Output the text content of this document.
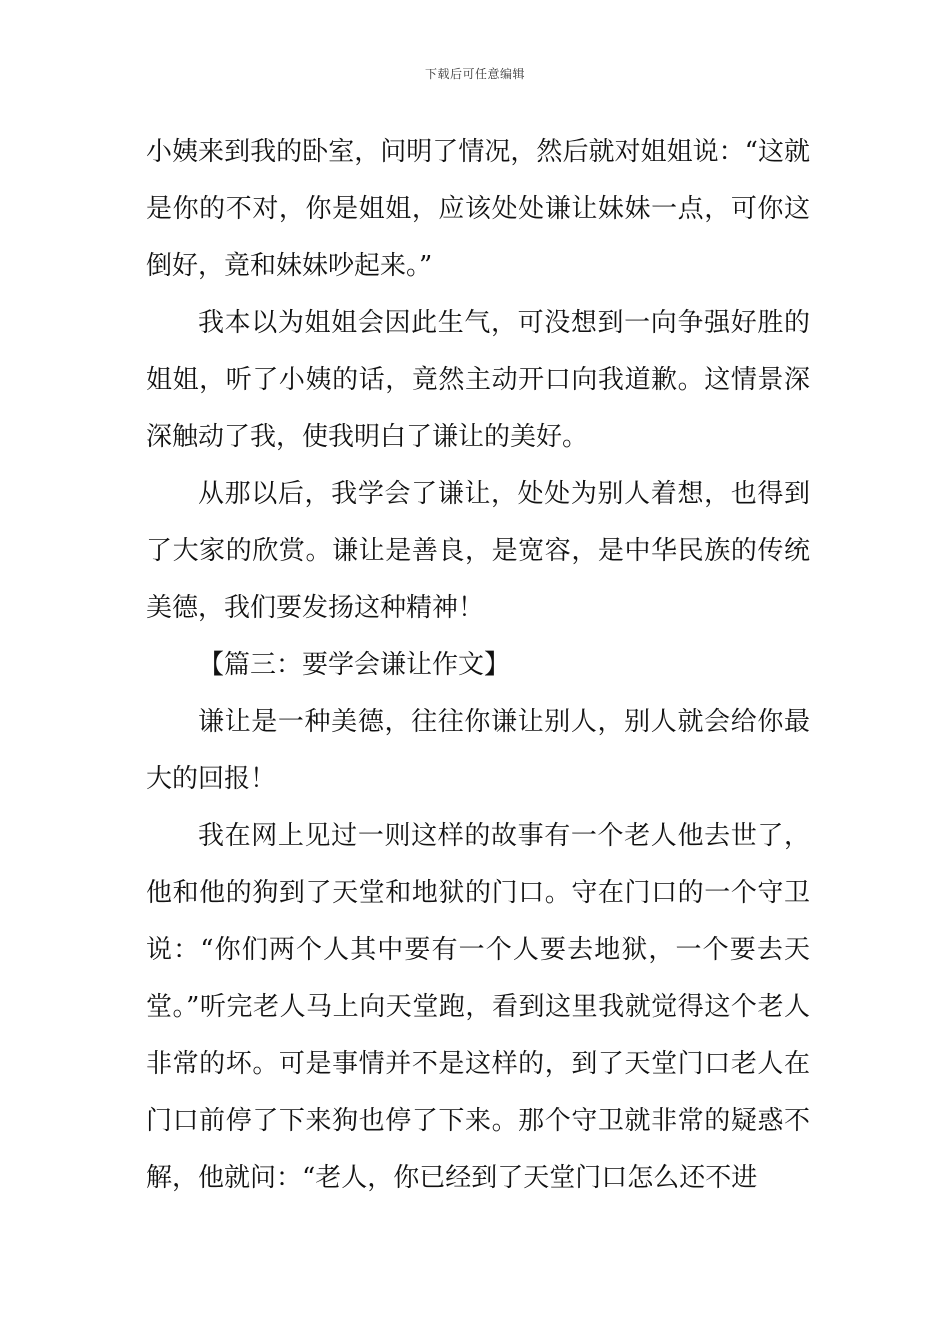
下载后可任意编辑

小姨来到我的卧室，问明了情况，然后就对姐姐说：“这就是你的不对，你是姐姐，应该处处谦让妹妹一点，可你这倒好，竟和妹妹吵起来。”

我本以为姐姐会因此生气，可没想到一向争强好胜的姐姐，听了小姨的话，竟然主动开口向我道歉。这情景深深触动了我，使我明白了谦让的美好。

从那以后，我学会了谦让，处处为别人着想，也得到了大家的欣赏。谦让是善良，是宽容，是中华民族的传统美德，我们要发扬这种精神！

【篇三：要学会谦让作文】

谦让是一种美德，往往你谦让别人，别人就会给你最大的回报！

我在网上见过一则这样的故事有一个老人他去世了，他和他的狗到了天堂和地狱的门口。守在门口的一个守卫说：“你们两个人其中要有一个人要去地狱，一个要去天堂。”听完老人马上向天堂跑，看到这里我就觉得这个老人非常的坏。可是事情并不是这样的，到了天堂门口老人在门口前停了下来狗也停了下来。那个守卫就非常的疑惑不解，他就问：“老人，你已经到了天堂门口怎么还不进
